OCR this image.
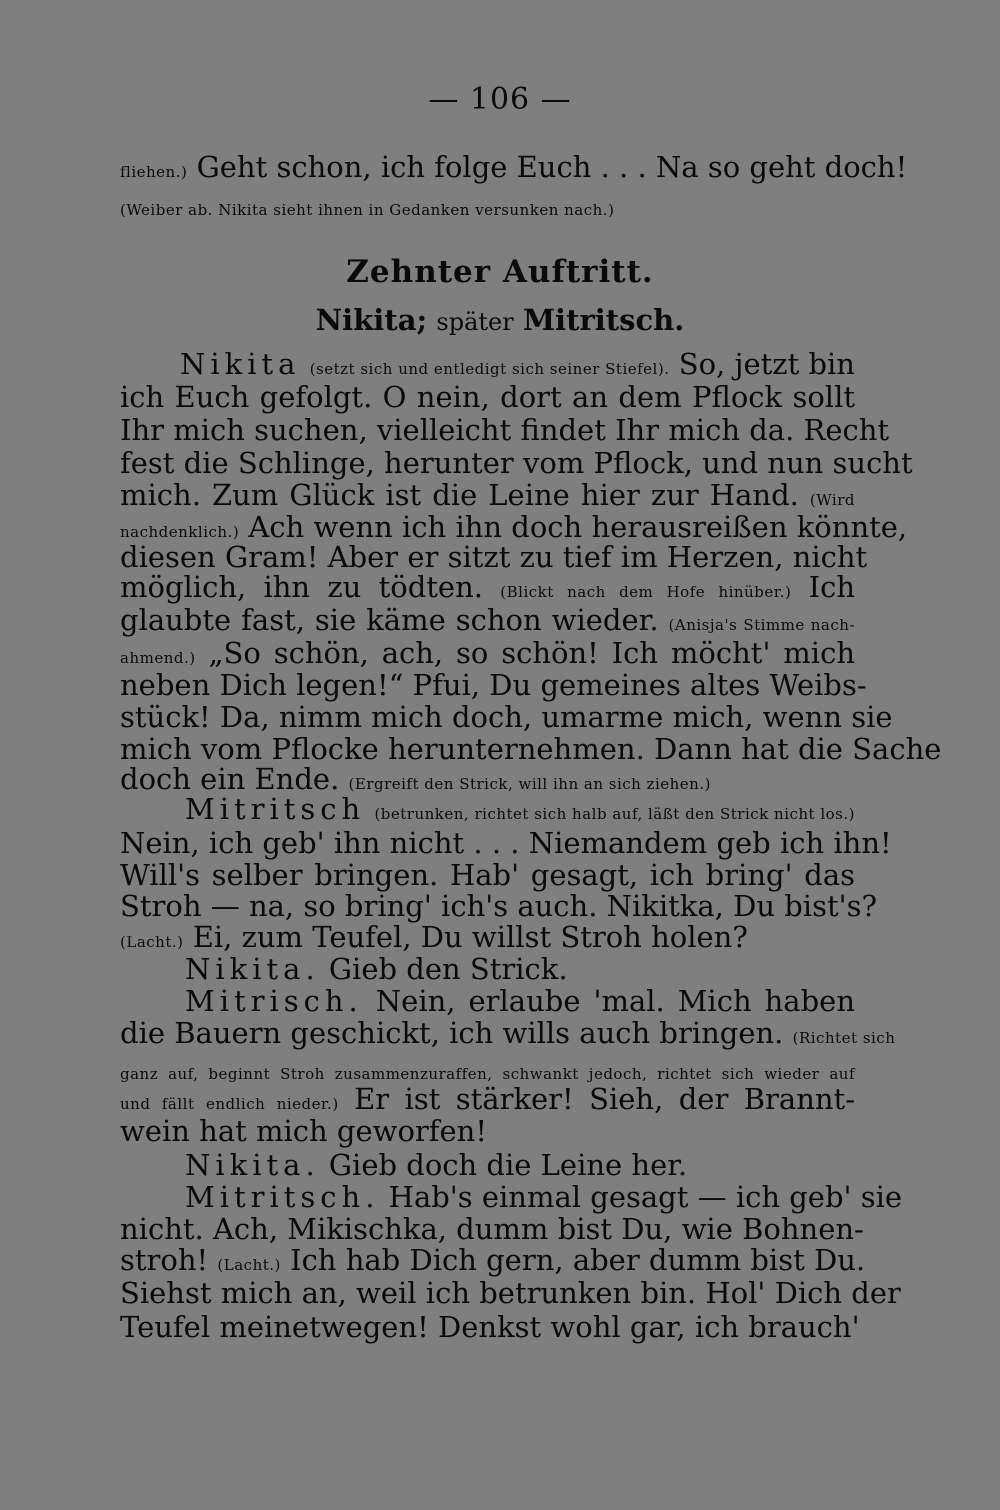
— 106 —
fliehen.) Geht schon, ich folge Euch . . . Na so geht doch!
(Weiber ab. Nikita sieht ihnen in Gedanken versunken nach.)
Zehnter Auftritt.
Nikita; später Mitritsch.
Nikita (setzt sich und entledigt sich seiner Stiefel). So, jetzt bin
ich Euch gefolgt. O nein, dort an dem Pflock sollt
Ihr mich suchen, vielleicht findet Ihr mich da. Recht
fest die Schlinge, herunter vom Pflock, und nun sucht
mich. Zum Glück ist die Leine hier zur Hand. (Wird
nachdenklich.) Ach wenn ich ihn doch herausreißen könnte,
diesen Gram! Aber er sitzt zu tief im Herzen, nicht
möglich, ihn zu tödten. (Blickt nach dem Hofe hinüber.) Ich
glaubte fast, sie käme schon wieder. (Anisja's Stimme nach-
ahmend.) „So schön, ach, so schön! Ich möcht' mich
neben Dich legen!“ Pfui, Du gemeines altes Weibs-
stück! Da, nimm mich doch, umarme mich, wenn sie
mich vom Pflocke herunternehmen. Dann hat die Sache
doch ein Ende. (Ergreift den Strick, will ihn an sich ziehen.)
Mitritsch (betrunken, richtet sich halb auf, läßt den Strick nicht los.)
Nein, ich geb' ihn nicht . . . Niemandem geb ich ihn!
Will's selber bringen. Hab' gesagt, ich bring' das
Stroh — na, so bring' ich's auch. Nikitka, Du bist's?
(Lacht.) Ei, zum Teufel, Du willst Stroh holen?
Nikita. Gieb den Strick.
Mitrisch. Nein, erlaube 'mal. Mich haben
die Bauern geschickt, ich wills auch bringen. (Richtet sich
ganz auf, beginnt Stroh zusammenzuraffen, schwankt jedoch, richtet sich wieder auf
und fällt endlich nieder.) Er ist stärker! Sieh, der Brannt-
wein hat mich geworfen!
Nikita. Gieb doch die Leine her.
Mitritsch. Hab's einmal gesagt — ich geb' sie
nicht. Ach, Mikischka, dumm bist Du, wie Bohnen-
stroh! (Lacht.) Ich hab Dich gern, aber dumm bist Du.
Siehst mich an, weil ich betrunken bin. Hol' Dich der
Teufel meinetwegen! Denkst wohl gar, ich brauch'
